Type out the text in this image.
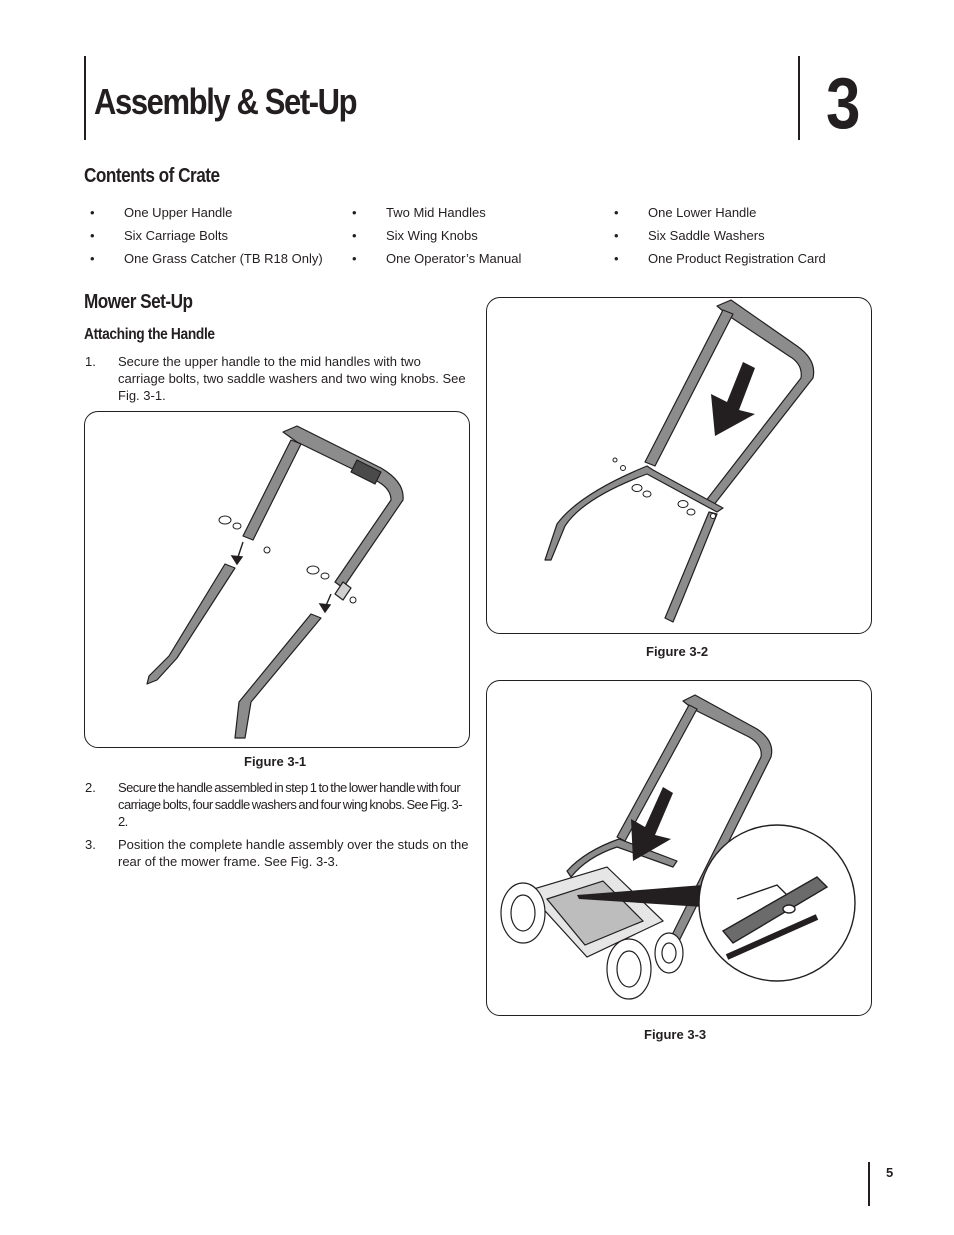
Assembly & Set-Up	3
Contents of Crate
•	One Upper Handle
•	Six Carriage Bolts
•	One Grass Catcher (TB R18 Only)
•	Two Mid Handles
•	Six Wing Knobs
•	One Operator’s Manual
•	One Lower Handle
•	Six Saddle Washers
•	One Product Registration Card
Mower Set-Up
Attaching the Handle
1. Secure the upper handle to the mid handles with two carriage bolts, two saddle washers and two wing knobs. See Fig. 3-1.
Figure 3-1
2. Secure the handle assembled in step 1 to the lower handle with four carriage bolts, four saddle washers and four wing knobs. See Fig. 3-2.
3. Position the complete handle assembly over the studs on the rear of the mower frame. See Fig. 3-3.
Figure 3-2
Figure 3-3
5
